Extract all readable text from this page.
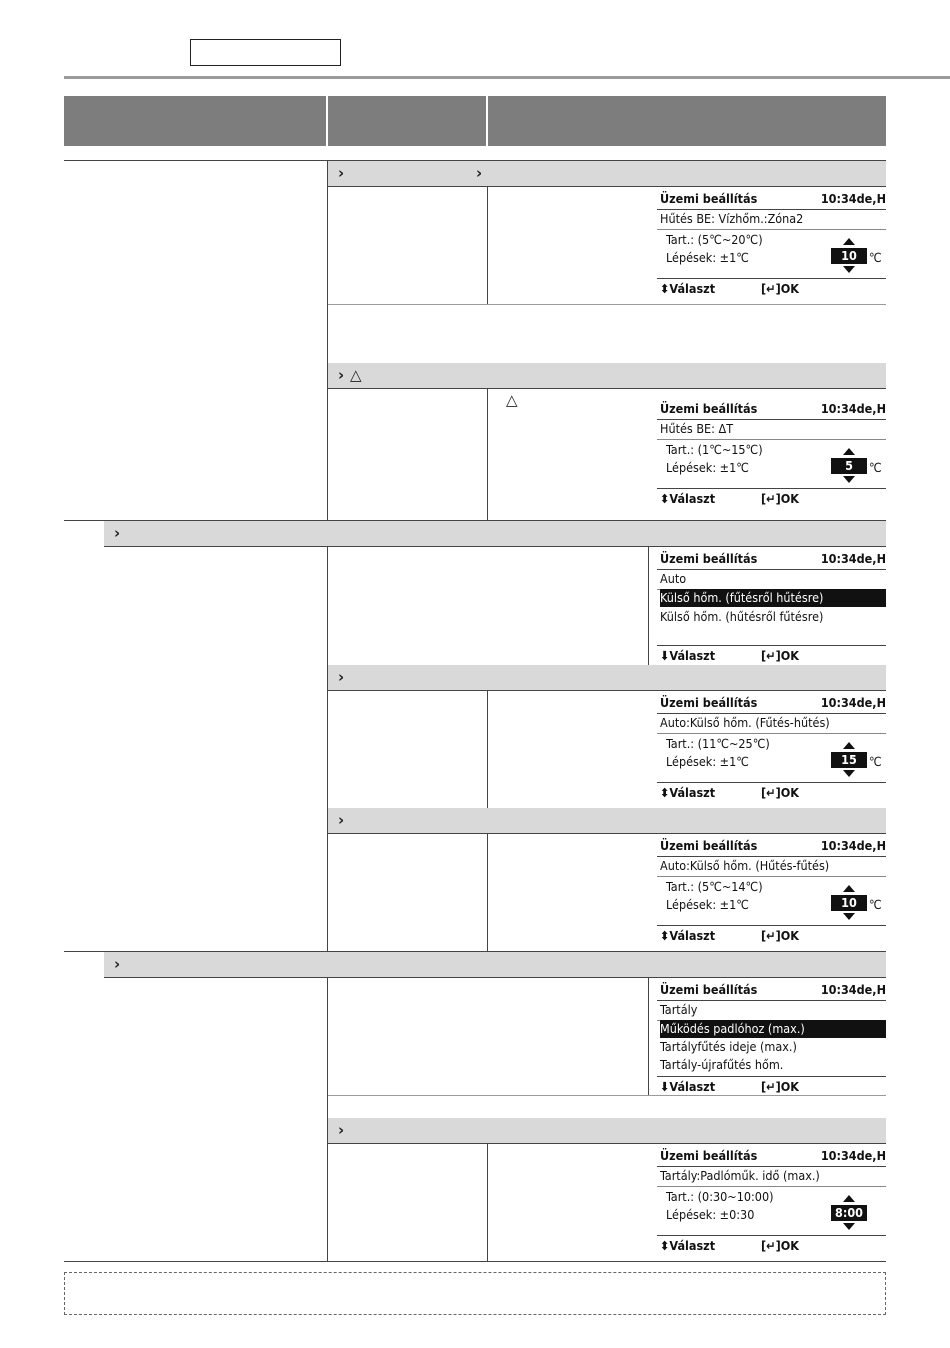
›	›
› △
△
›
›
›
›
›
Üzemi beállítás	10:34de,H
Hűtés BE: Vízhőm.:Zóna2
Tart.: (5℃~20℃)
Lépések: ±1℃	10 ℃
⬍Választ	[↵]OK
Üzemi beállítás	10:34de,H
Hűtés BE: ΔT
Tart.: (1℃~15℃)
Lépések: ±1℃	5	℃
⬍Választ	[↵]OK
Üzemi beállítás	10:34de,H
Auto
Külső hőm. (fűtésről hűtésre)
Külső hőm. (hűtésről fűtésre)
⬇Választ	[↵]OK
Üzemi beállítás	10:34de,H
Auto:Külső hőm. (Fűtés-hűtés)
Tart.: (11℃~25℃)
Lépések: ±1℃	15 ℃
⬍Választ	[↵]OK
Üzemi beállítás	10:34de,H
Auto:Külső hőm. (Hűtés-fűtés)
Tart.: (5℃~14℃)
Lépések: ±1℃	10 ℃
⬍Választ	[↵]OK
Üzemi beállítás	10:34de,H
Tartály
Működés padlóhoz (max.)
Tartályfűtés ideje (max.)
Tartály-újrafűtés hőm.
⬇Választ	[↵]OK
Üzemi beállítás	10:34de,H
Tartály:Padlóműk. idő (max.)
Tart.: (0:30~10:00)
Lépések: ±0:30	8:00
⬍Választ	[↵]OK
